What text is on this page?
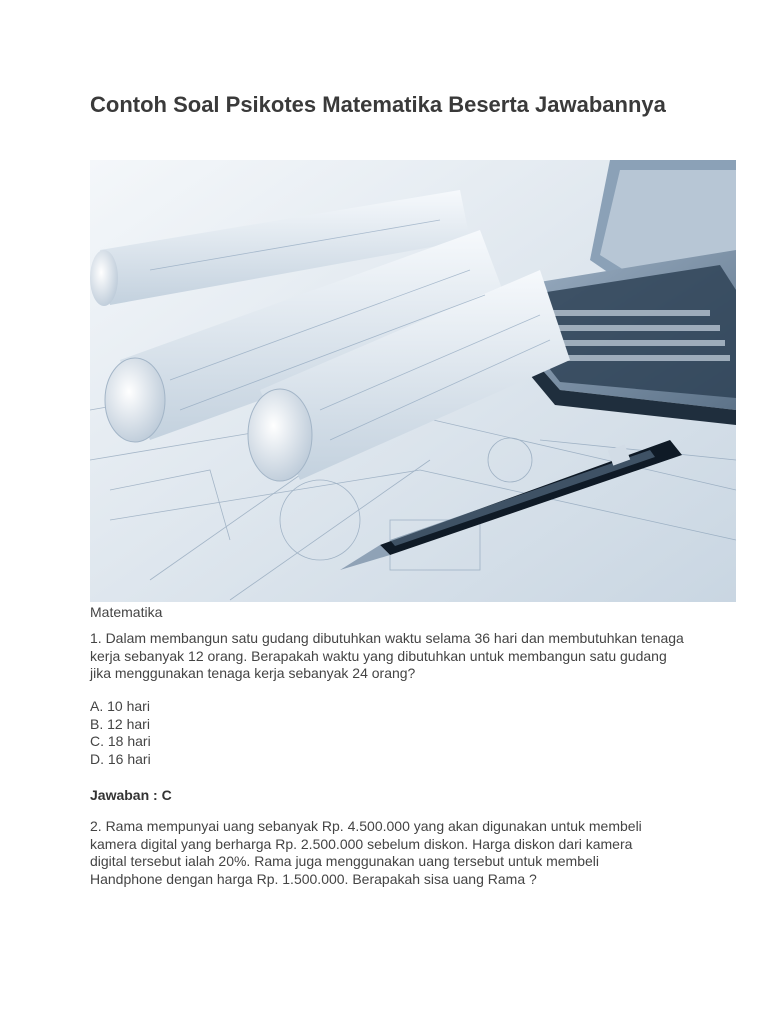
Contoh Soal Psikotes Matematika Beserta Jawabannya
Matematika

1. Dalam membangun satu gudang dibutuhkan waktu selama 36 hari dan membutuhkan tenaga kerja sebanyak 12 orang. Berapakah waktu yang dibutuhkan untuk membangun satu gudang jika menggunakan tenaga kerja sebanyak 24 orang?

A. 10 hari
B. 12 hari
C. 18 hari
D. 16 hari
Jawaban : C

2. Rama mempunyai uang sebanyak Rp. 4.500.000 yang akan digunakan untuk membeli kamera digital yang berharga Rp. 2.500.000 sebelum diskon. Harga diskon dari kamera digital tersebut ialah 20%. Rama juga menggunakan uang tersebut untuk membeli Handphone dengan harga Rp. 1.500.000. Berapakah sisa uang Rama ?
